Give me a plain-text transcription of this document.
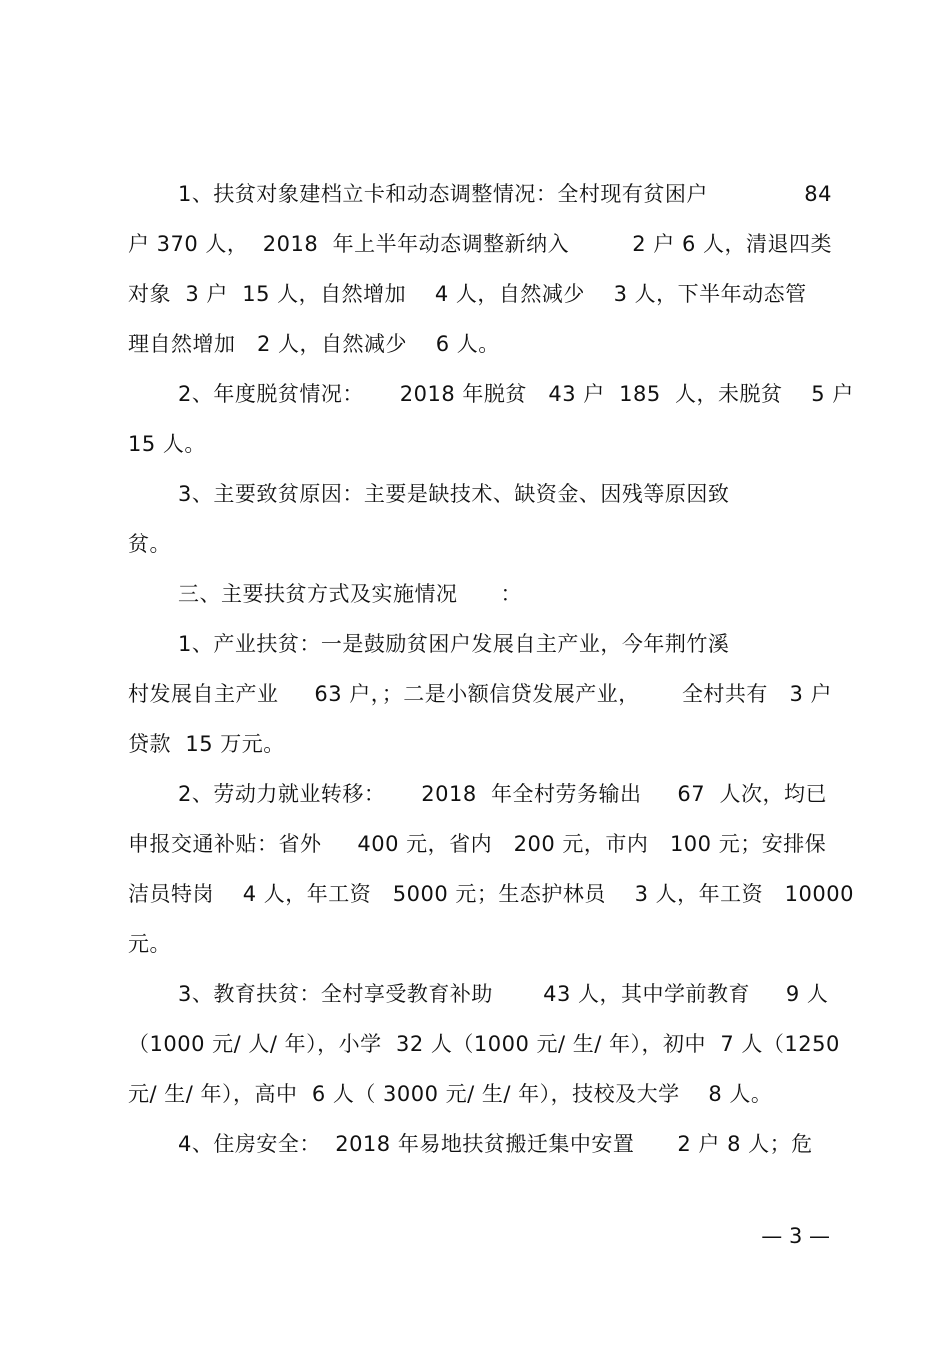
1、扶贫对象建档立卡和动态调整情况：全村现有贫困户	84
户 370 人，  2018  年上半年动态调整新纳入	2 户 6 人，清退四类
对象  3 户  15 人，自然增加    4 人，自然减少    3 人，下半年动态管
理自然增加   2 人，自然减少    6 人。
2、年度脱贫情况：     2018 年脱贫   43 户  185  人，未脱贫    5 户
15 人。
3、主要致贫原因：主要是缺技术、缺资金、因残等原因致
贫。
三、主要扶贫方式及实施情况      ：
1、产业扶贫：一是鼓励贫困户发展自主产业，今年荆竹溪
村发展自主产业     63 户，；二是小额信贷发展产业， 全村共有   3 户
贷款  15 万元。
2、劳动力就业转移：     2018  年全村劳务输出     67  人次，均已
申报交通补贴：省外     400 元，省内   200 元，市内   100 元；安排保
洁员特岗    4 人，年工资   5000 元；生态护林员    3 人，年工资   10000
元。
3、教育扶贫：全村享受教育补助       43 人，其中学前教育     9 人
（1000 元/ 人/ 年），小学  32 人（1000 元/ 生/ 年），初中  7 人（1250
元/ 生/ 年），高中  6 人（ 3000 元/ 生/ 年），技校及大学    8 人。
4、住房安全：  2018 年易地扶贫搬迁集中安置      2 户 8 人；危
— 3 —
